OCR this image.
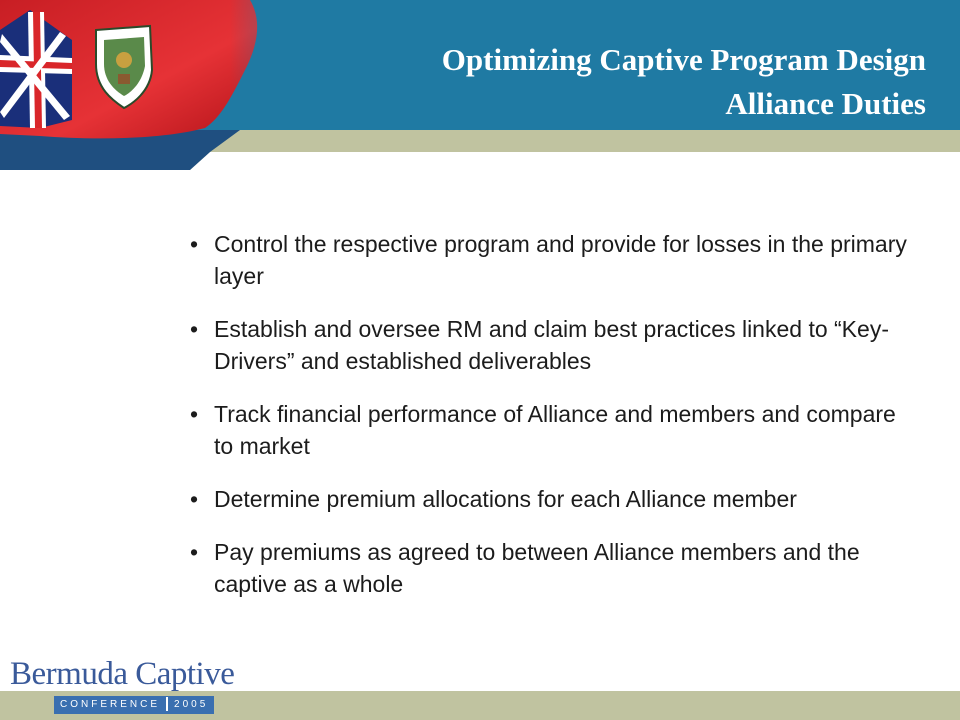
Optimizing Captive Program Design
Alliance Duties
• Control the respective program and provide for losses in the primary layer
• Establish and oversee RM and claim best practices linked to “Key-Drivers” and established deliverables
• Track financial performance of Alliance and members and compare to market
• Determine premium allocations for each Alliance member
• Pay premiums as agreed to between Alliance members and the captive as a whole
Bermuda Captive
CONFERENCE 2005
